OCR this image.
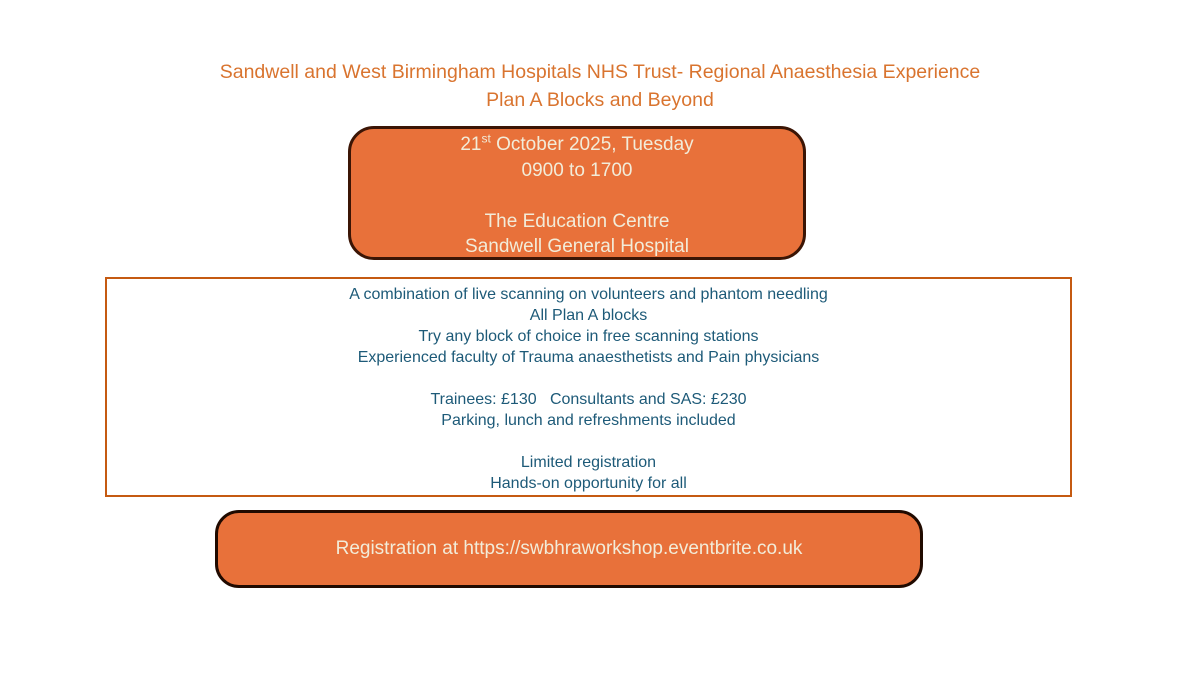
Sandwell and West Birmingham Hospitals NHS Trust- Regional Anaesthesia Experience
Plan A Blocks and Beyond
21st October 2025, Tuesday
0900 to 1700
The Education Centre
Sandwell General Hospital
A combination of live scanning on volunteers and phantom needling
All Plan A blocks
Try any block of choice in free scanning stations
Experienced faculty of Trauma anaesthetists and Pain physicians
Trainees: £130   Consultants and SAS: £230
Parking, lunch and refreshments included
Limited registration
Hands-on opportunity for all
Registration at https://swbhraworkshop.eventbrite.co.uk
